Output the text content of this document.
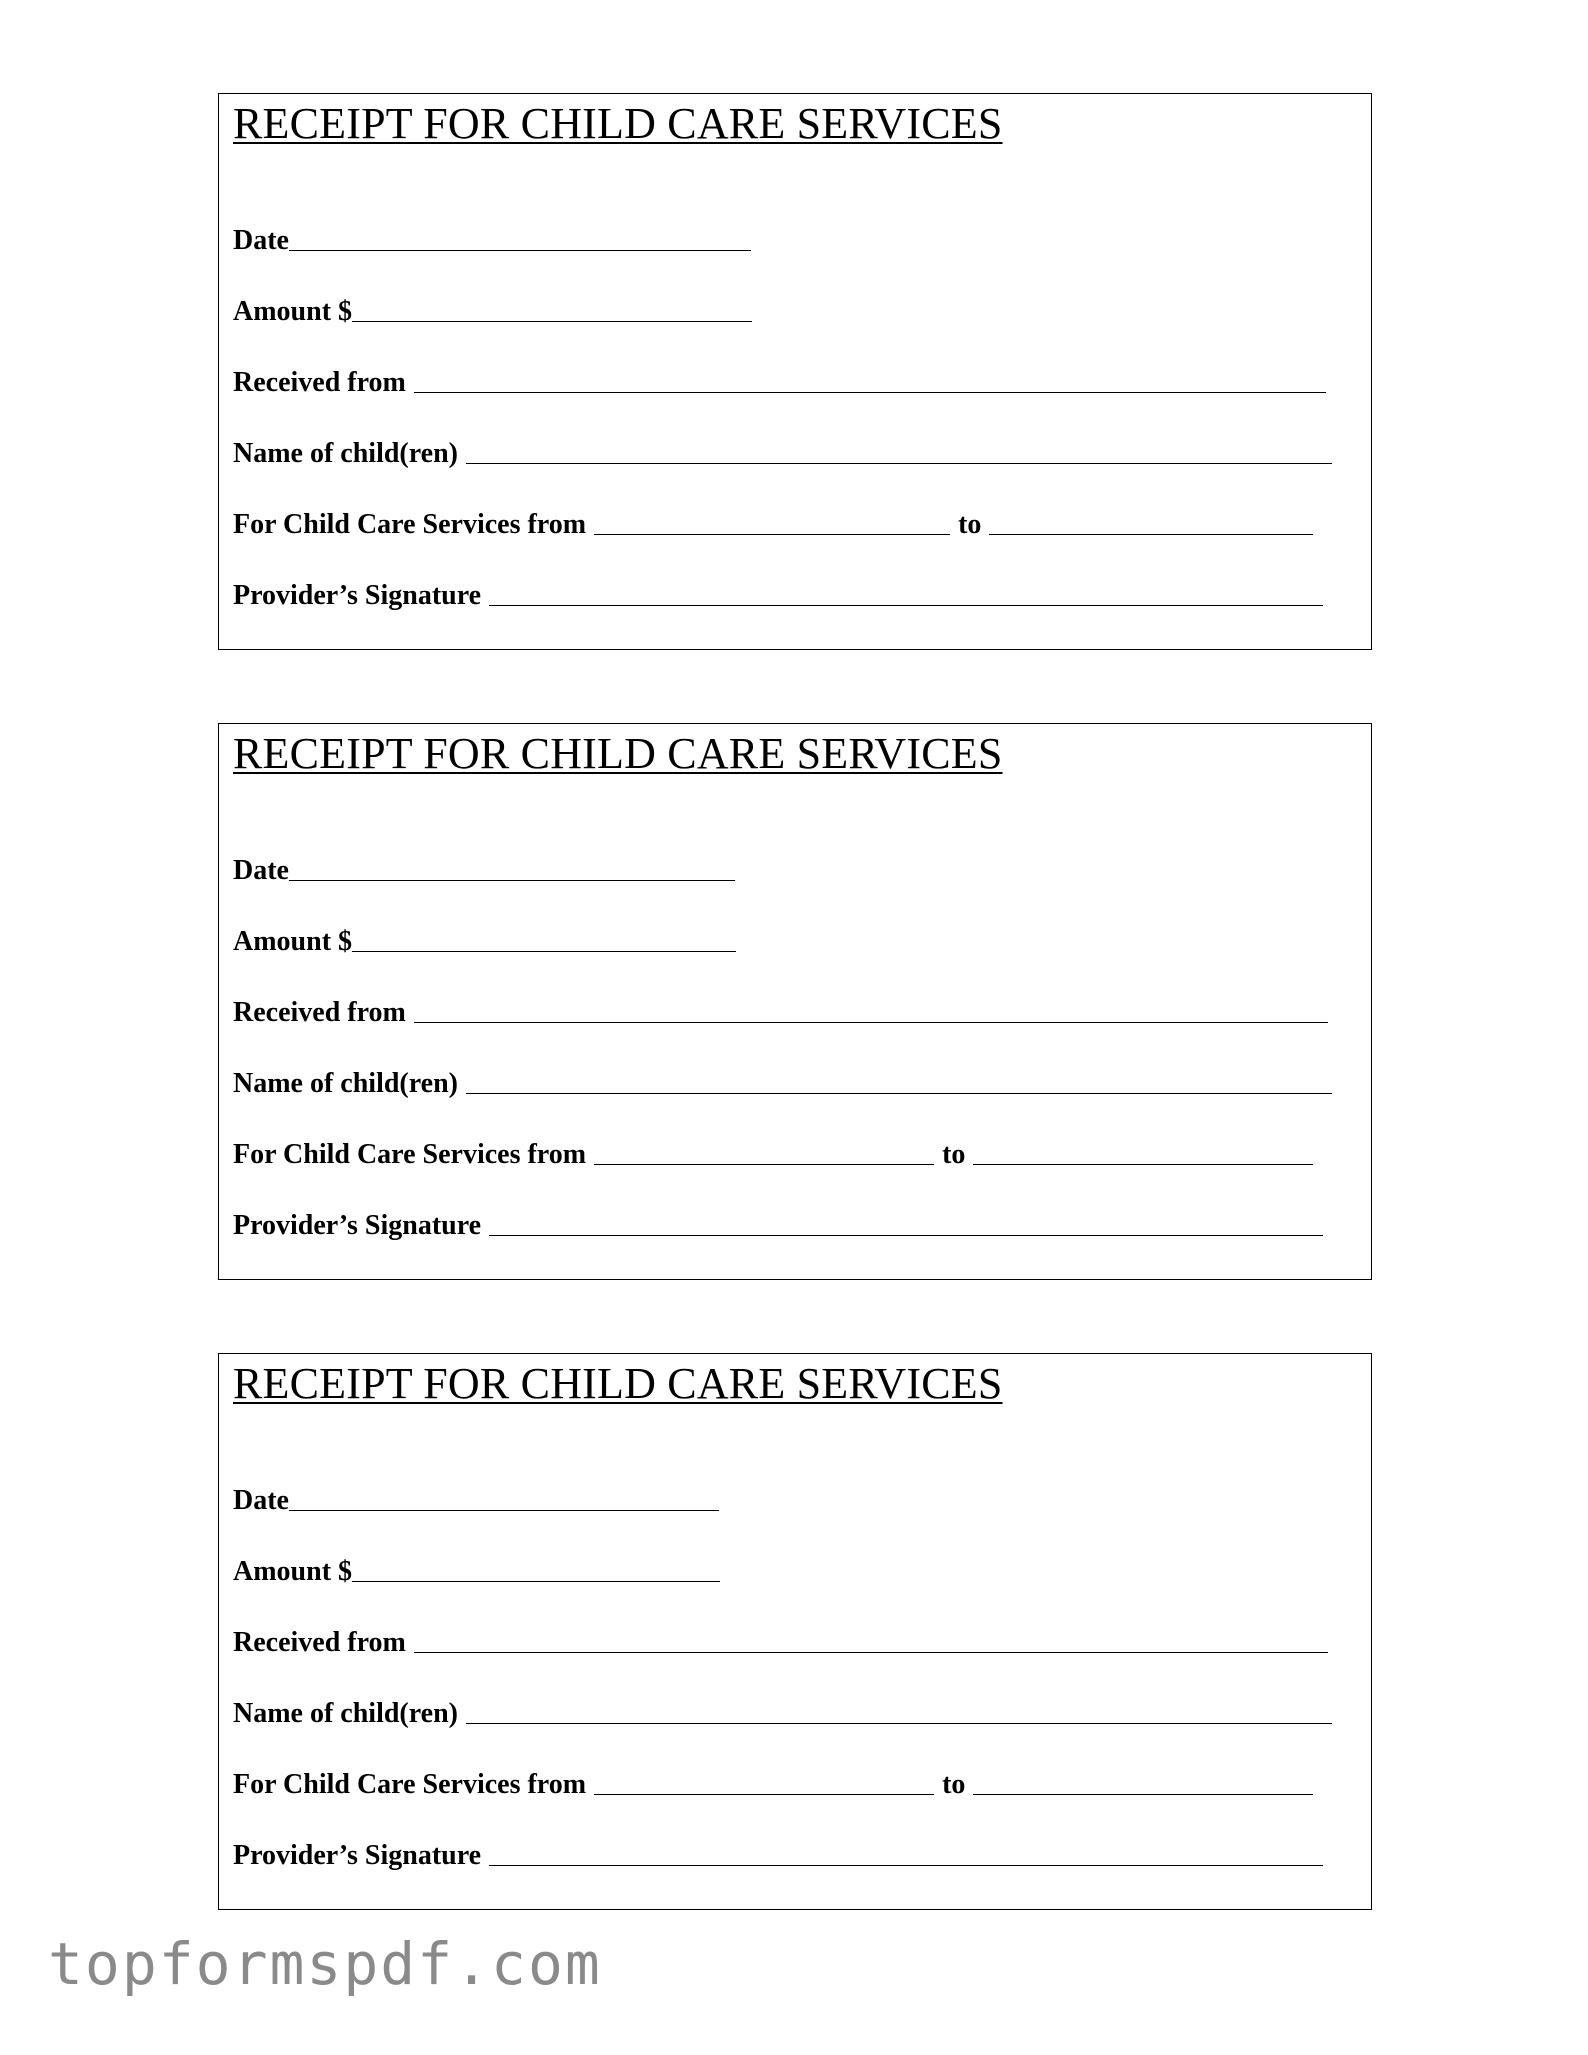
RECEIPT FOR CHILD CARE SERVICES
Date
Amount $
Received from
Name of child(ren)
For Child Care Services from	to
Provider’s Signature
RECEIPT FOR CHILD CARE SERVICES
Date
Amount $
Received from
Name of child(ren)
For Child Care Services from	to
Provider’s Signature
RECEIPT FOR CHILD CARE SERVICES
Date
Amount $
Received from
Name of child(ren)
For Child Care Services from	to
Provider’s Signature
topformspdf.com
